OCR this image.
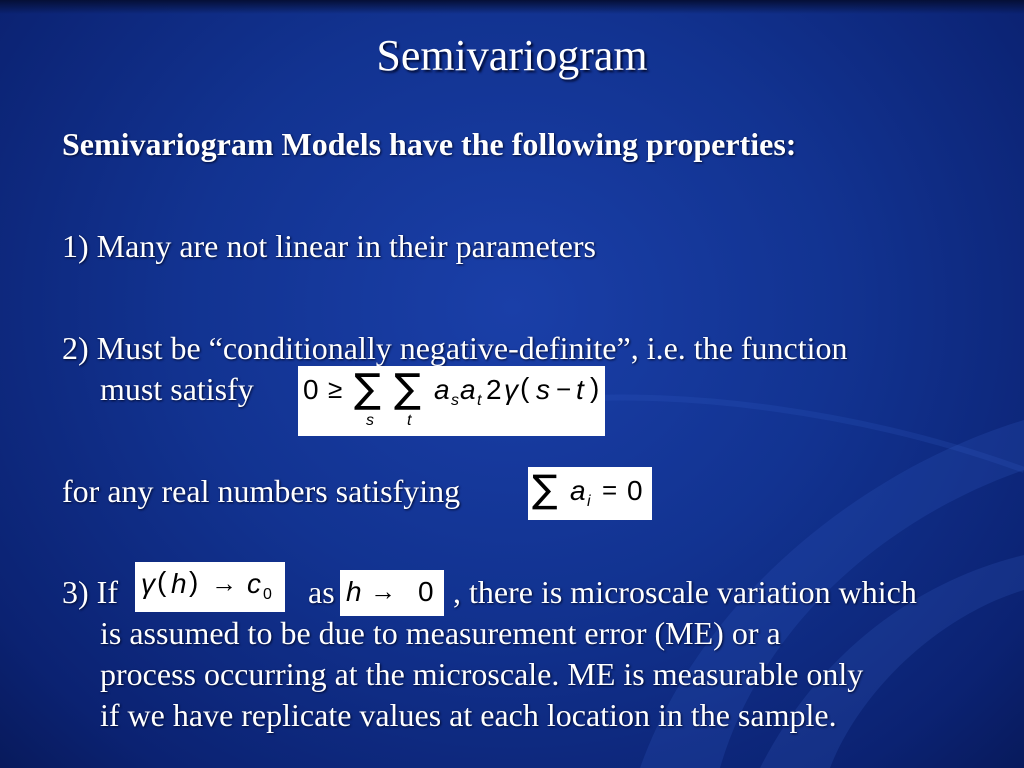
Semivariogram
Semivariogram Models have the following properties:
1) Many are not linear in their parameters
2) Must be “conditionally negative-definite”, i.e. the function
must satisfy 0 ≥ ∑
s
∑
t
a s a t 2 γ ( s − t )
for any real numbers satisfying ∑ a i = 0
3) If γ ( h ) → c 0 as h → 0 , there is microscale variation which
is assumed to be due to measurement error (ME) or a
process occurring at the microscale. ME is measurable only
if we have replicate values at each location in the sample.
